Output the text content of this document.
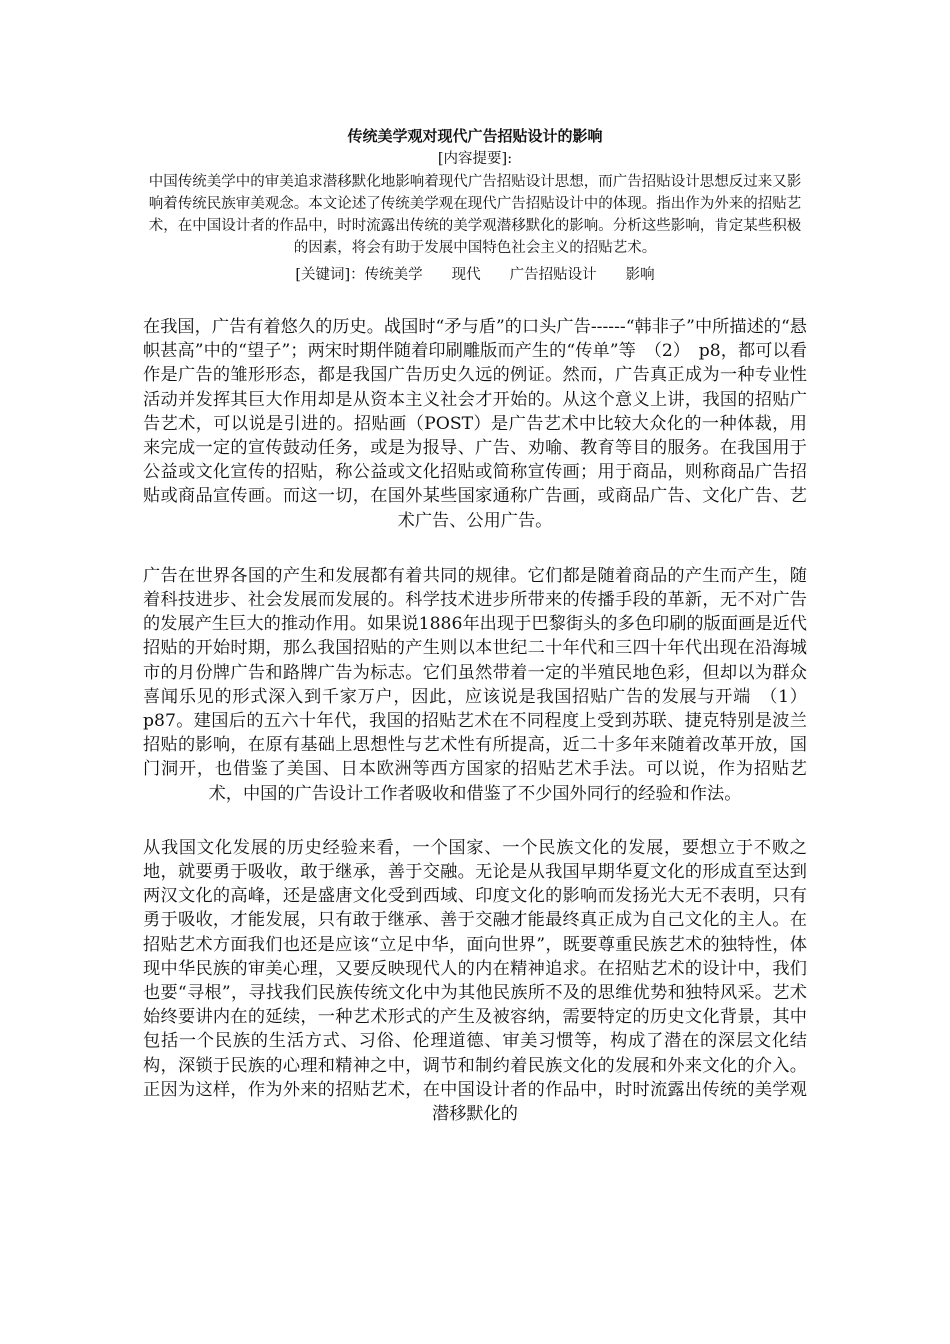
传统美学观对现代广告招贴设计的影响

[内容提要]:

中国传统美学中的审美追求潜移默化地影响着现代广告招贴设计思想，而广告招贴设计思想反过来又影响着传统民族审美观念。本文论述了传统美学观在现代广告招贴设计中的体现。指出作为外来的招贴艺术，在中国设计者的作品中，时时流露出传统的美学观潜移默化的影响。分析这些影响，肯定某些积极的因素，将会有助于发展中国特色社会主义的招贴艺术。

[关键词]：传统美学　　现代　　广告招贴设计　　影响

在我国，广告有着悠久的历史。战国时“矛与盾”的口头广告------“韩非子”中所描述的“悬帜甚高”中的“望子”；两宋时期伴随着印刷雕版而产生的“传单”等　（2）　p8，都可以看作是广告的雏形形态，都是我国广告历史久远的例证。然而，广告真正成为一种专业性活动并发挥其巨大作用却是从资本主义社会才开始的。从这个意义上讲，我国的招贴广告艺术，可以说是引进的。招贴画（POST）是广告艺术中比较大众化的一种体裁，用来完成一定的宣传鼓动任务，或是为报导、广告、劝喻、教育等目的服务。在我国用于公益或文化宣传的招贴，称公益或文化招贴或简称宣传画；用于商品，则称商品广告招贴或商品宣传画。而这一切，在国外某些国家通称广告画，或商品广告、文化广告、艺术广告、公用广告。

广告在世界各国的产生和发展都有着共同的规律。它们都是随着商品的产生而产生，随着科技进步、社会发展而发展的。科学技术进步所带来的传播手段的革新，无不对广告的发展产生巨大的推动作用。如果说1886年出现于巴黎街头的多色印刷的版面画是近代招贴的开始时期，那么我国招贴的产生则以本世纪二十年代和三四十年代出现在沿海城市的月份牌广告和路牌广告为标志。它们虽然带着一定的半殖民地色彩，但却以为群众喜闻乐见的形式深入到千家万户，因此，应该说是我国招贴广告的发展与开端　（1）p87。建国后的五六十年代，我国的招贴艺术在不同程度上受到苏联、捷克特别是波兰招贴的影响，在原有基础上思想性与艺术性有所提高，近二十多年来随着改革开放，国门洞开，也借鉴了美国、日本欧洲等西方国家的招贴艺术手法。可以说，作为招贴艺术，中国的广告设计工作者吸收和借鉴了不少国外同行的经验和作法。

从我国文化发展的历史经验来看，一个国家、一个民族文化的发展，要想立于不败之地，就要勇于吸收，敢于继承，善于交融。无论是从我国早期华夏文化的形成直至达到两汉文化的高峰，还是盛唐文化受到西域、印度文化的影响而发扬光大无不表明，只有勇于吸收，才能发展，只有敢于继承、善于交融才能最终真正成为自己文化的主人。在招贴艺术方面我们也还是应该“立足中华，面向世界”，既要尊重民族艺术的独特性，体现中华民族的审美心理，又要反映现代人的内在精神追求。在招贴艺术的设计中，我们也要“寻根”，寻找我们民族传统文化中为其他民族所不及的思维优势和独特风采。艺术始终要讲内在的延续，一种艺术形式的产生及被容纳，需要特定的历史文化背景，其中包括一个民族的生活方式、习俗、伦理道德、审美习惯等，构成了潜在的深层文化结构，深锁于民族的心理和精神之中，调节和制约着民族文化的发展和外来文化的介入。正因为这样，作为外来的招贴艺术，在中国设计者的作品中，时时流露出传统的美学观潜移默化的
